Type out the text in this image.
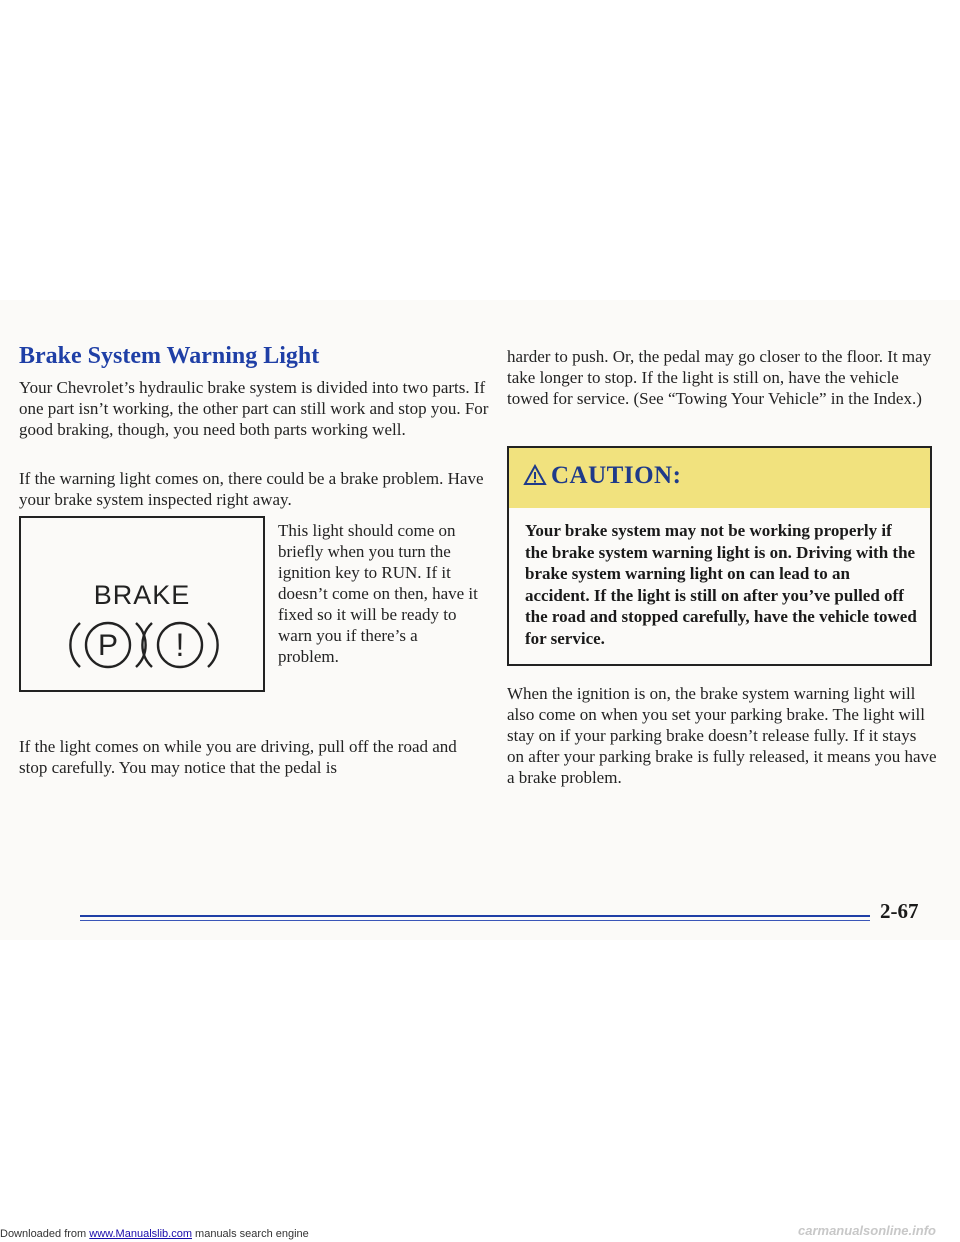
Brake System Warning Light

Your Chevrolet’s hydraulic brake system is divided into two parts. If one part isn’t working, the other part can still work and stop you. For good braking, though, you need both parts working well.

If the warning light comes on, there could be a brake problem. Have your brake system inspected right away.

BRAKE
P !

This light should come on briefly when you turn the ignition key to RUN. If it doesn’t come on then, have it fixed so it will be ready to warn you if there’s a problem.

If the light comes on while you are driving, pull off the road and stop carefully. You may notice that the pedal is

harder to push. Or, the pedal may go closer to the floor. It may take longer to stop. If the light is still on, have the vehicle towed for service. (See “Towing Your Vehicle” in the Index.)

CAUTION:

Your brake system may not be working properly if the brake system warning light is on. Driving with the brake system warning light on can lead to an accident. If the light is still on after you’ve pulled off the road and stopped carefully, have the vehicle towed for service.

When the ignition is on, the brake system warning light will also come on when you set your parking brake. The light will stay on if your parking brake doesn’t release fully. If it stays on after your parking brake is fully released, it means you have a brake problem.

2-67
Downloaded from www.Manualslib.com manuals search engine	carmanualsonline.info
